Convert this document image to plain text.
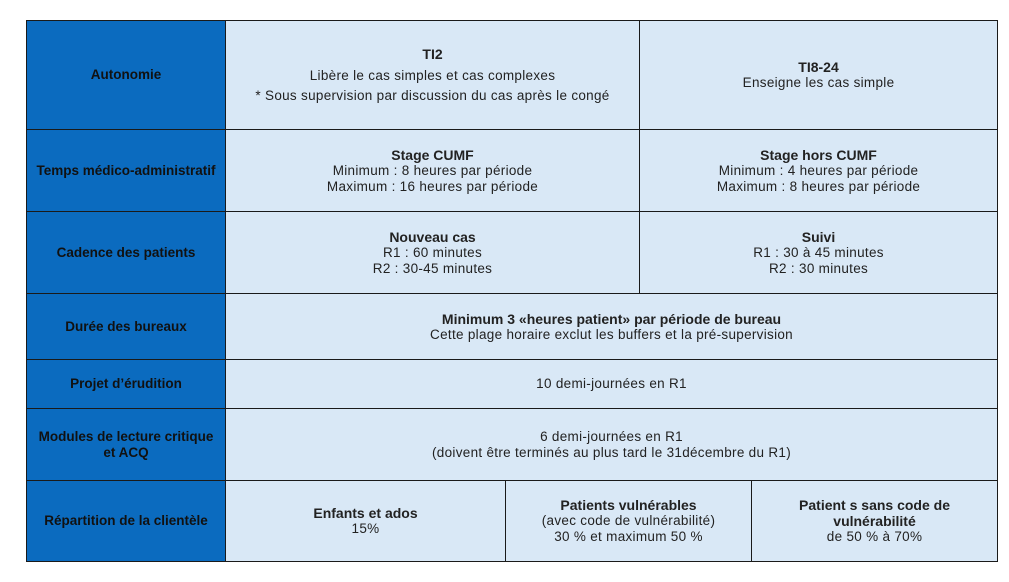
Autonomie	TI2
Libère le cas simples et cas complexes
* Sous supervision par discussion du cas après le congé		TI8-24
Enseigne les cas simple	

Temps médico-administratif	Stage CUMF
Minimum : 8 heures par période
Maximum : 16 heures par période		Stage hors CUMF
Minimum : 4 heures par période
Maximum : 8 heures par période	

Cadence des patients	Nouveau cas
R1 : 60 minutes
R2 : 30-45 minutes		Suivi
R1 : 30 à 45 minutes
R2 : 30 minutes	

Durée des bureaux	Minimum 3 «heures patient» par période de bureau
Cette plage horaire exclut les buffers et la pré-supervision			

Projet d’érudition	10 demi-journées en R1			

Modules de lecture critique et ACQ	6 demi-journées en R1
(doivent être terminés au plus tard le 31décembre du R1)			

Répartition de la clientèle	Enfants et ados
15%	Patients vulnérables
(avec code de vulnérabilité)
30 % et maximum 50 %		Patient s sans code de vulnérabilité
de 50 % à 70%
